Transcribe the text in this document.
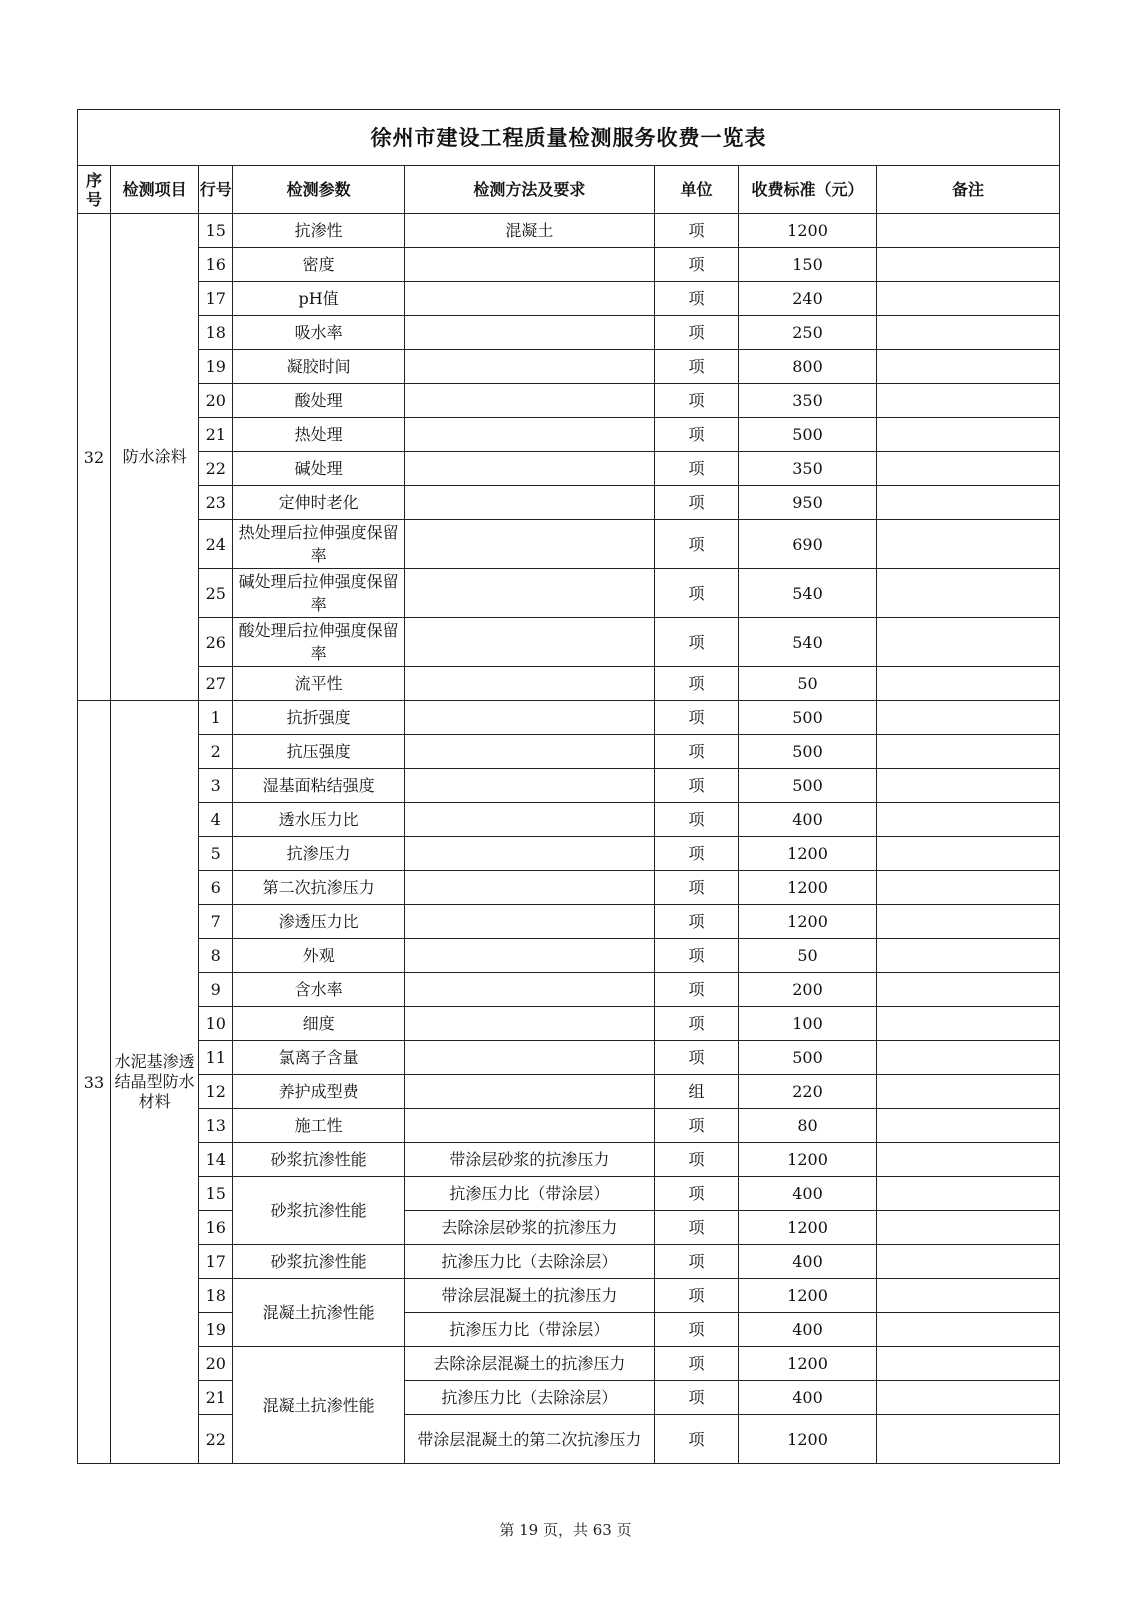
徐州市建设工程质量检测服务收费一览表							
序号	检测项目	行号	检测参数	检测方法及要求	单位	收费标准（元）	备注
32	防水涂料	15	抗渗性	混凝土	项	1200	
		16	密度		项	150	
		17	pH值		项	240	
		18	吸水率		项	250	
		19	凝胶时间		项	800	
		20	酸处理		项	350	
		21	热处理		项	500	
		22	碱处理		项	350	
		23	定伸时老化		项	950	
		24	热处理后拉伸强度保留率		项	690	
		25	碱处理后拉伸强度保留率		项	540	
		26	酸处理后拉伸强度保留率		项	540	
		27	流平性		项	50	
33	水泥基渗透结晶型防水材料	1	抗折强度		项	500	
		2	抗压强度		项	500	
		3	湿基面粘结强度		项	500	
		4	透水压力比		项	400	
		5	抗渗压力		项	1200	
		6	第二次抗渗压力		项	1200	
		7	渗透压力比		项	1200	
		8	外观		项	50	
		9	含水率		项	200	
		10	细度		项	100	
		11	氯离子含量		项	500	
		12	养护成型费		组	220	
		13	施工性		项	80	
		14	砂浆抗渗性能	带涂层砂浆的抗渗压力	项	1200	
		15	砂浆抗渗性能	抗渗压力比（带涂层）	项	400	
		16		去除涂层砂浆的抗渗压力	项	1200	
		17	砂浆抗渗性能	抗渗压力比（去除涂层）	项	400	
		18	混凝土抗渗性能	带涂层混凝土的抗渗压力	项	1200	
		19		抗渗压力比（带涂层）	项	400	
		20	混凝土抗渗性能	去除涂层混凝土的抗渗压力	项	1200	
		21		抗渗压力比（去除涂层）	项	400	
		22		带涂层混凝土的第二次抗渗压力	项	1200	
第 19 页，共 63 页
